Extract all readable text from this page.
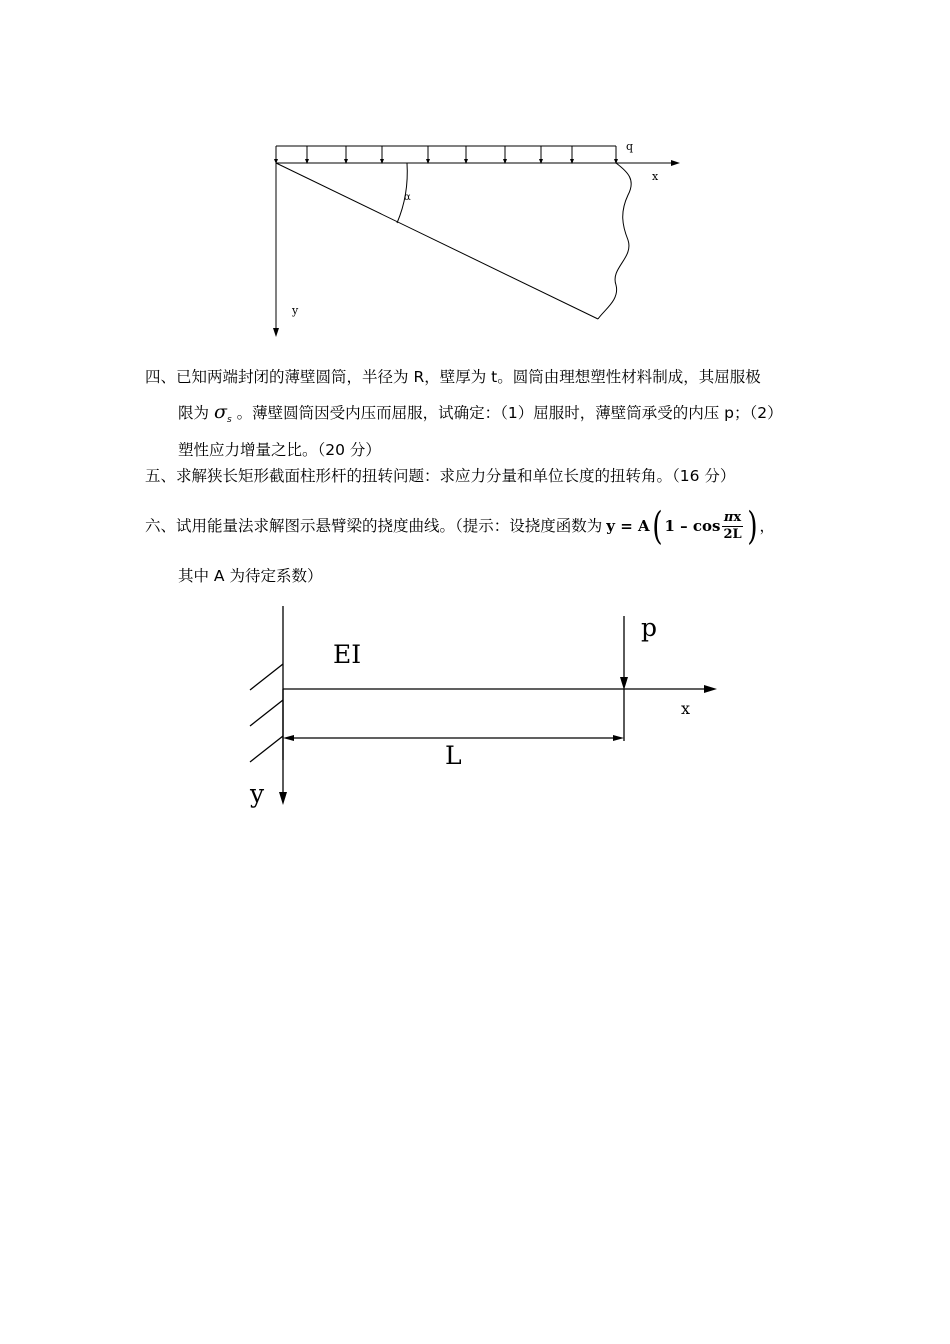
q
x
α
y
四、已知两端封闭的薄壁圆筒，半径为 R，壁厚为 t。圆筒由理想塑性材料制成，其屈服极
限为 $\sigma_s$ 。薄壁圆筒因受内压而屈服，试确定：（1）屈服时，薄壁筒承受的内压 p；（2）
塑性应力增量之比。（20 分）
五、求解狭长矩形截面柱形杆的扭转问题：求应力分量和单位长度的扭转角。（16 分）
六、 试用能量法求解图示悬臂梁的挠度曲线。（提示：设挠度函数为 y = A ( $1 - \cos \frac{\pi x}{2L}$ ) ，
其中 A 为待定系数）
EI
p
x
L
y
